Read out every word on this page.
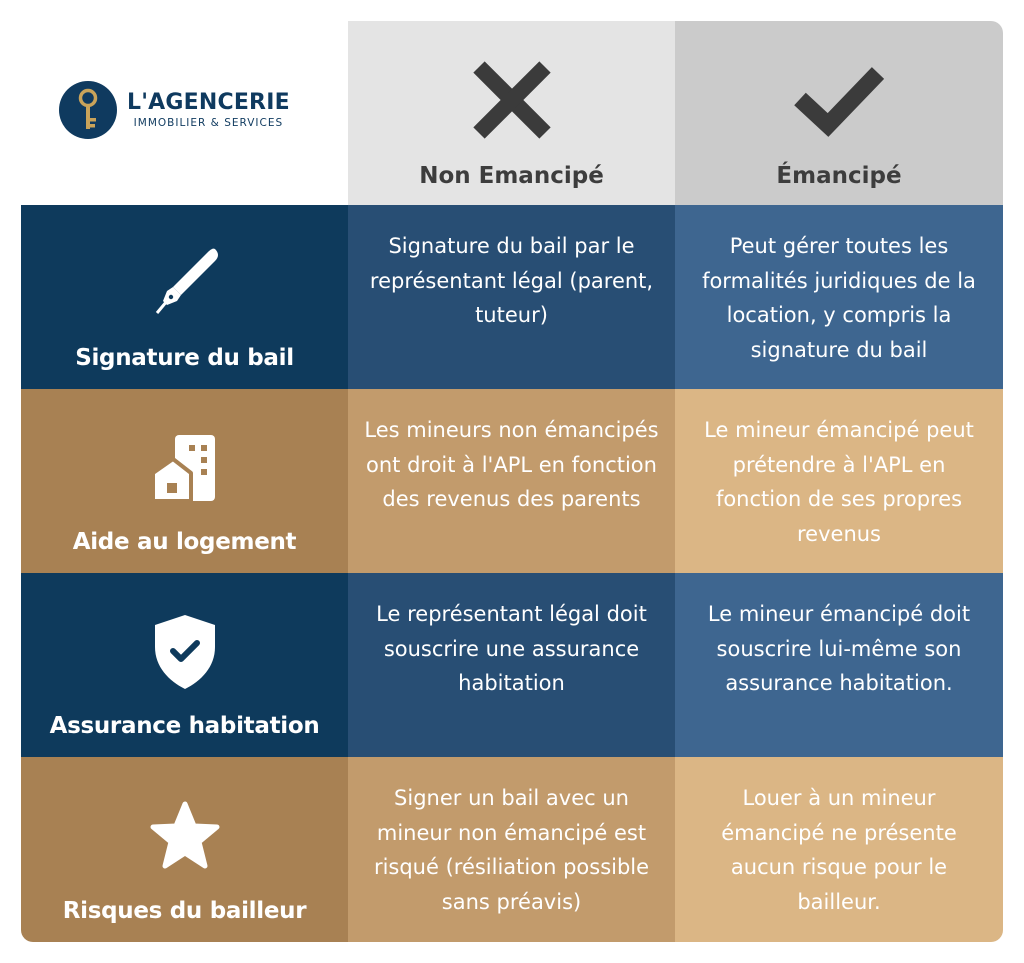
L'AGENCERIE
IMMOBILIER & SERVICES
Non Emancipé	Émancipé
Signature du bail
Signature du bail par le représentant légal (parent, tuteur)
Peut gérer toutes les formalités juridiques de la location, y compris la signature du bail
Aide au logement
Les mineurs non émancipés ont droit à l'APL en fonction des revenus des parents
Le mineur émancipé peut prétendre à l'APL en fonction de ses propres revenus
Assurance habitation
Le représentant légal doit souscrire une assurance habitation
Le mineur émancipé doit souscrire lui-même son assurance habitation.
Risques du bailleur
Signer un bail avec un mineur non émancipé est risqué (résiliation possible sans préavis)
Louer à un mineur émancipé ne présente aucun risque pour le bailleur.
